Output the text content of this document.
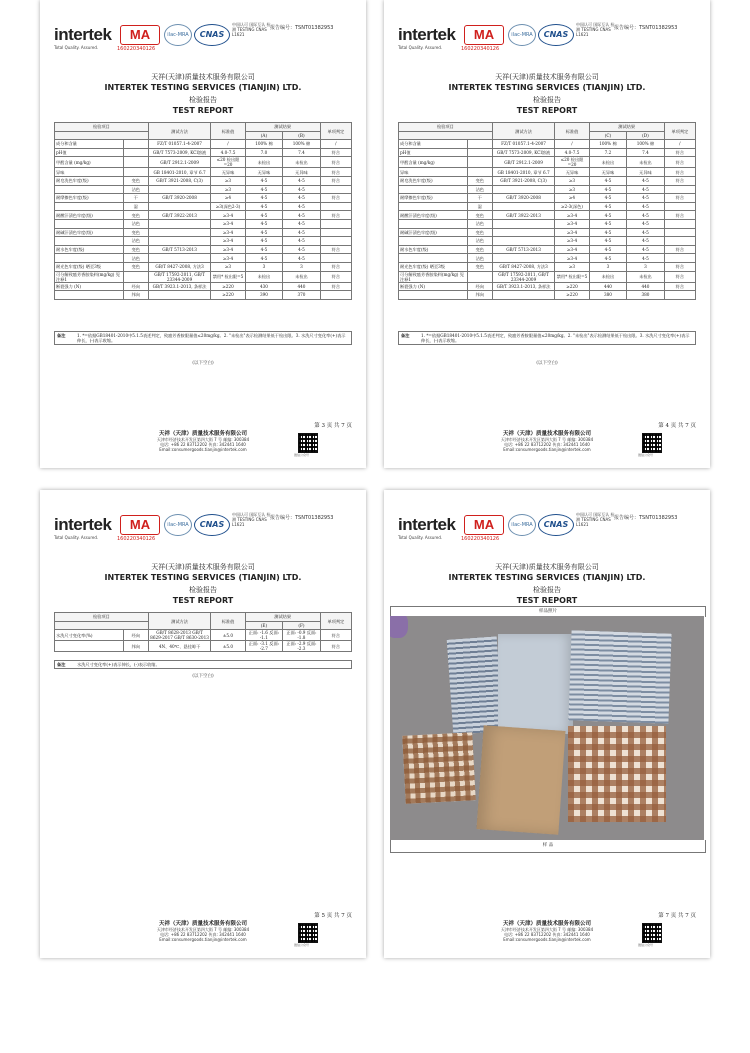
intertek
Total Quality. Assured.
MA
160220340126
ilac-MRA	CNAS
中国认可 国际互认 检测 TESTING CNAS L1621
报告编号：TSNT01382953
天祥(天津)质量技术服务有限公司
INTERTEK TESTING SERVICES (TIANJIN) LTD.
检验报告
TEST REPORT
检验项目		测试方法	标准值	测试结果		单项判定
				(A)	(B)	
成分和含量		FZ/T 01057.1-4-2007	/	100% 棉	100% 棉	/
pH值		GB/T 7573-2009, KCl溶液	4.0-7.5	7.0	7.4	符合
甲醛含量 (mg/kg)		GB/T 2912.1-2009	≤20 检出限=20	未检出	未检出	符合
异味		GB 18401-2010, 章节 6.7	无异味	无异味	无异味	符合
耐皂洗色牢度(级)	变色	GB/T 3921-2008, C(3)	≥3	4-5	4-5	符合
	沾色		≥3	4-5	4-5	
耐摩擦色牢度(级)	干	GB/T 3920-2008	≥4	4-5	4-5	符合
	湿		≥3(深色2-3)	4-5	4-5	
耐酸汗渍色牢度(级)	变色	GB/T 3922-2013	≥3-4	4-5	4-5	符合
	沾色		≥3-4	4-5	4-5	
耐碱汗渍色牢度(级)	变色		≥3-4	4-5	4-5	
	沾色		≥3-4	4-5	4-5	
耐水色牢度(级)	变色	GB/T 5713-2013	≥3-4	4-5	4-5	符合
	沾色		≥3-4	4-5	4-5	
耐光色牢度(级) 晒至3级	变色	GB/T 8427-2008, 方法3	≥3	3	3	符合
可分解致癌芳香胺染料(mg/kg) 见注释1		GB/T 17592-2011, GB/T 23344-2009	禁用* 检出限=5	未检出	未检出	符合
断裂强力 (N)	经向	GB/T 3923.1-2013, 条样法	≥220	430	440	符合
	纬向		≥220	390	370	
备注	1. *=依据GB18401-2010中5.1.5表述判定，致癌芳香胺限量值≤20mg/kg。2. "未检出"表示检测结果低于检出限。3. 水洗尺寸变化率(+)表示伸长，(-)表示收缩。
(以下空白)
第 3 页 共 7 页
天祥（天津）质量技术服务有限公司
天津市经济技术开发区第四大街 7 号 邮编: 300384
电话: +86 22 83712202 传真: 342441 1640
Email:consumergoods.tianjin@intertek.com
微信公众号
intertek
Total Quality. Assured.
MA
160220340126
ilac-MRA	CNAS
中国认可 国际互认 检测 TESTING CNAS L1621
报告编号：TSNT01382953
天祥(天津)质量技术服务有限公司
INTERTEK TESTING SERVICES (TIANJIN) LTD.
检验报告
TEST REPORT
检验项目		测试方法	标准值	测试结果		单项判定
				(C)	(D)	
成分和含量		FZ/T 01057.1-4-2007	/	100% 棉	100% 棉	/
pH值		GB/T 7573-2009, KCl溶液	4.0-7.5	7.2	7.4	符合
甲醛含量 (mg/kg)		GB/T 2912.1-2009	≤20 检出限=20	未检出	未检出	符合
异味		GB 18401-2010, 章节 6.7	无异味	无异味	无异味	符合
耐皂洗色牢度(级)	变色	GB/T 3921-2008, C(3)	≥3	4-5	4-5	符合
	沾色		≥3	4-5	4-5	
耐摩擦色牢度(级)	干	GB/T 3920-2008	≥4	4-5	4-5	符合
	湿		≥2-3(深色)	4-5	4-5	
耐酸汗渍色牢度(级)	变色	GB/T 3922-2013	≥3-4	4-5	4-5	符合
	沾色		≥3-4	4-5	4-5	
耐碱汗渍色牢度(级)	变色		≥3-4	4-5	4-5	
	沾色		≥3-4	4-5	4-5	
耐水色牢度(级)	变色	GB/T 5713-2013	≥3-4	4-5	4-5	符合
	沾色		≥3-4	4-5	4-5	
耐光色牢度(级) 晒至3级	变色	GB/T 8427-2008, 方法3	≥3	3	3	符合
可分解致癌芳香胺染料(mg/kg) 见注释1		GB/T 17592-2011, GB/T 23344-2009	禁用* 检出限=5	未检出	未检出	符合
断裂强力 (N)	经向	GB/T 3923.1-2013, 条样法	≥220	440	440	符合
	纬向		≥220	380	380	
备注	1. *=依据GB18401-2010中5.1.5表述判定，致癌芳香胺限量值≤20mg/kg。2. "未检出"表示检测结果低于检出限。3. 水洗尺寸变化率(+)表示伸长，(-)表示收缩。
(以下空白)
第 4 页 共 7 页
天祥（天津）质量技术服务有限公司
天津市经济技术开发区第四大街 7 号 邮编: 300384
电话: +86 22 83712202 传真: 342441 1640
Email:consumergoods.tianjin@intertek.com
微信公众号
intertek
Total Quality. Assured.
MA
160220340126
ilac-MRA	CNAS
中国认可 国际互认 检测 TESTING CNAS L1621
报告编号：TSNT01382953
天祥(天津)质量技术服务有限公司
INTERTEK TESTING SERVICES (TIANJIN) LTD.
检验报告
TEST REPORT
检验项目		测试方法	标准值	测试结果		单项判定
				(E)	(F)	
水洗尺寸变化率(%)	经向	GB/T 8628-2013 GB/T 8629-2017 GB/T 8630-2013	±5.0	正面: -1.6 反面: -1.1	正面: -0.9 反面: -1.8	符合
	纬向	4N、40℃、悬挂晾干	±5.0	正面: -3.1 反面: -2.7	正面: -2.9 反面: -2.3	符合
备注	水洗尺寸变化率(+)表示伸长，(-)表示收缩。
(以下空白)
第 5 页 共 7 页
天祥（天津）质量技术服务有限公司
天津市经济技术开发区第四大街 7 号 邮编: 300384
电话: +86 22 83712202 传真: 342441 1640
Email:consumergoods.tianjin@intertek.com
微信公众号
intertek
Total Quality. Assured.
MA
160220340126
ilac-MRA	CNAS
中国认可 国际互认 检测 TESTING CNAS L1621
报告编号：TSNT01382953
天祥(天津)质量技术服务有限公司
INTERTEK TESTING SERVICES (TIANJIN) LTD.
检验报告
TEST REPORT
样品照片
样 品
第 7 页 共 7 页
天祥（天津）质量技术服务有限公司
天津市经济技术开发区第四大街 7 号 邮编: 300384
电话: +86 22 83712202 传真: 342441 1640
Email:consumergoods.tianjin@intertek.com
微信公众号
